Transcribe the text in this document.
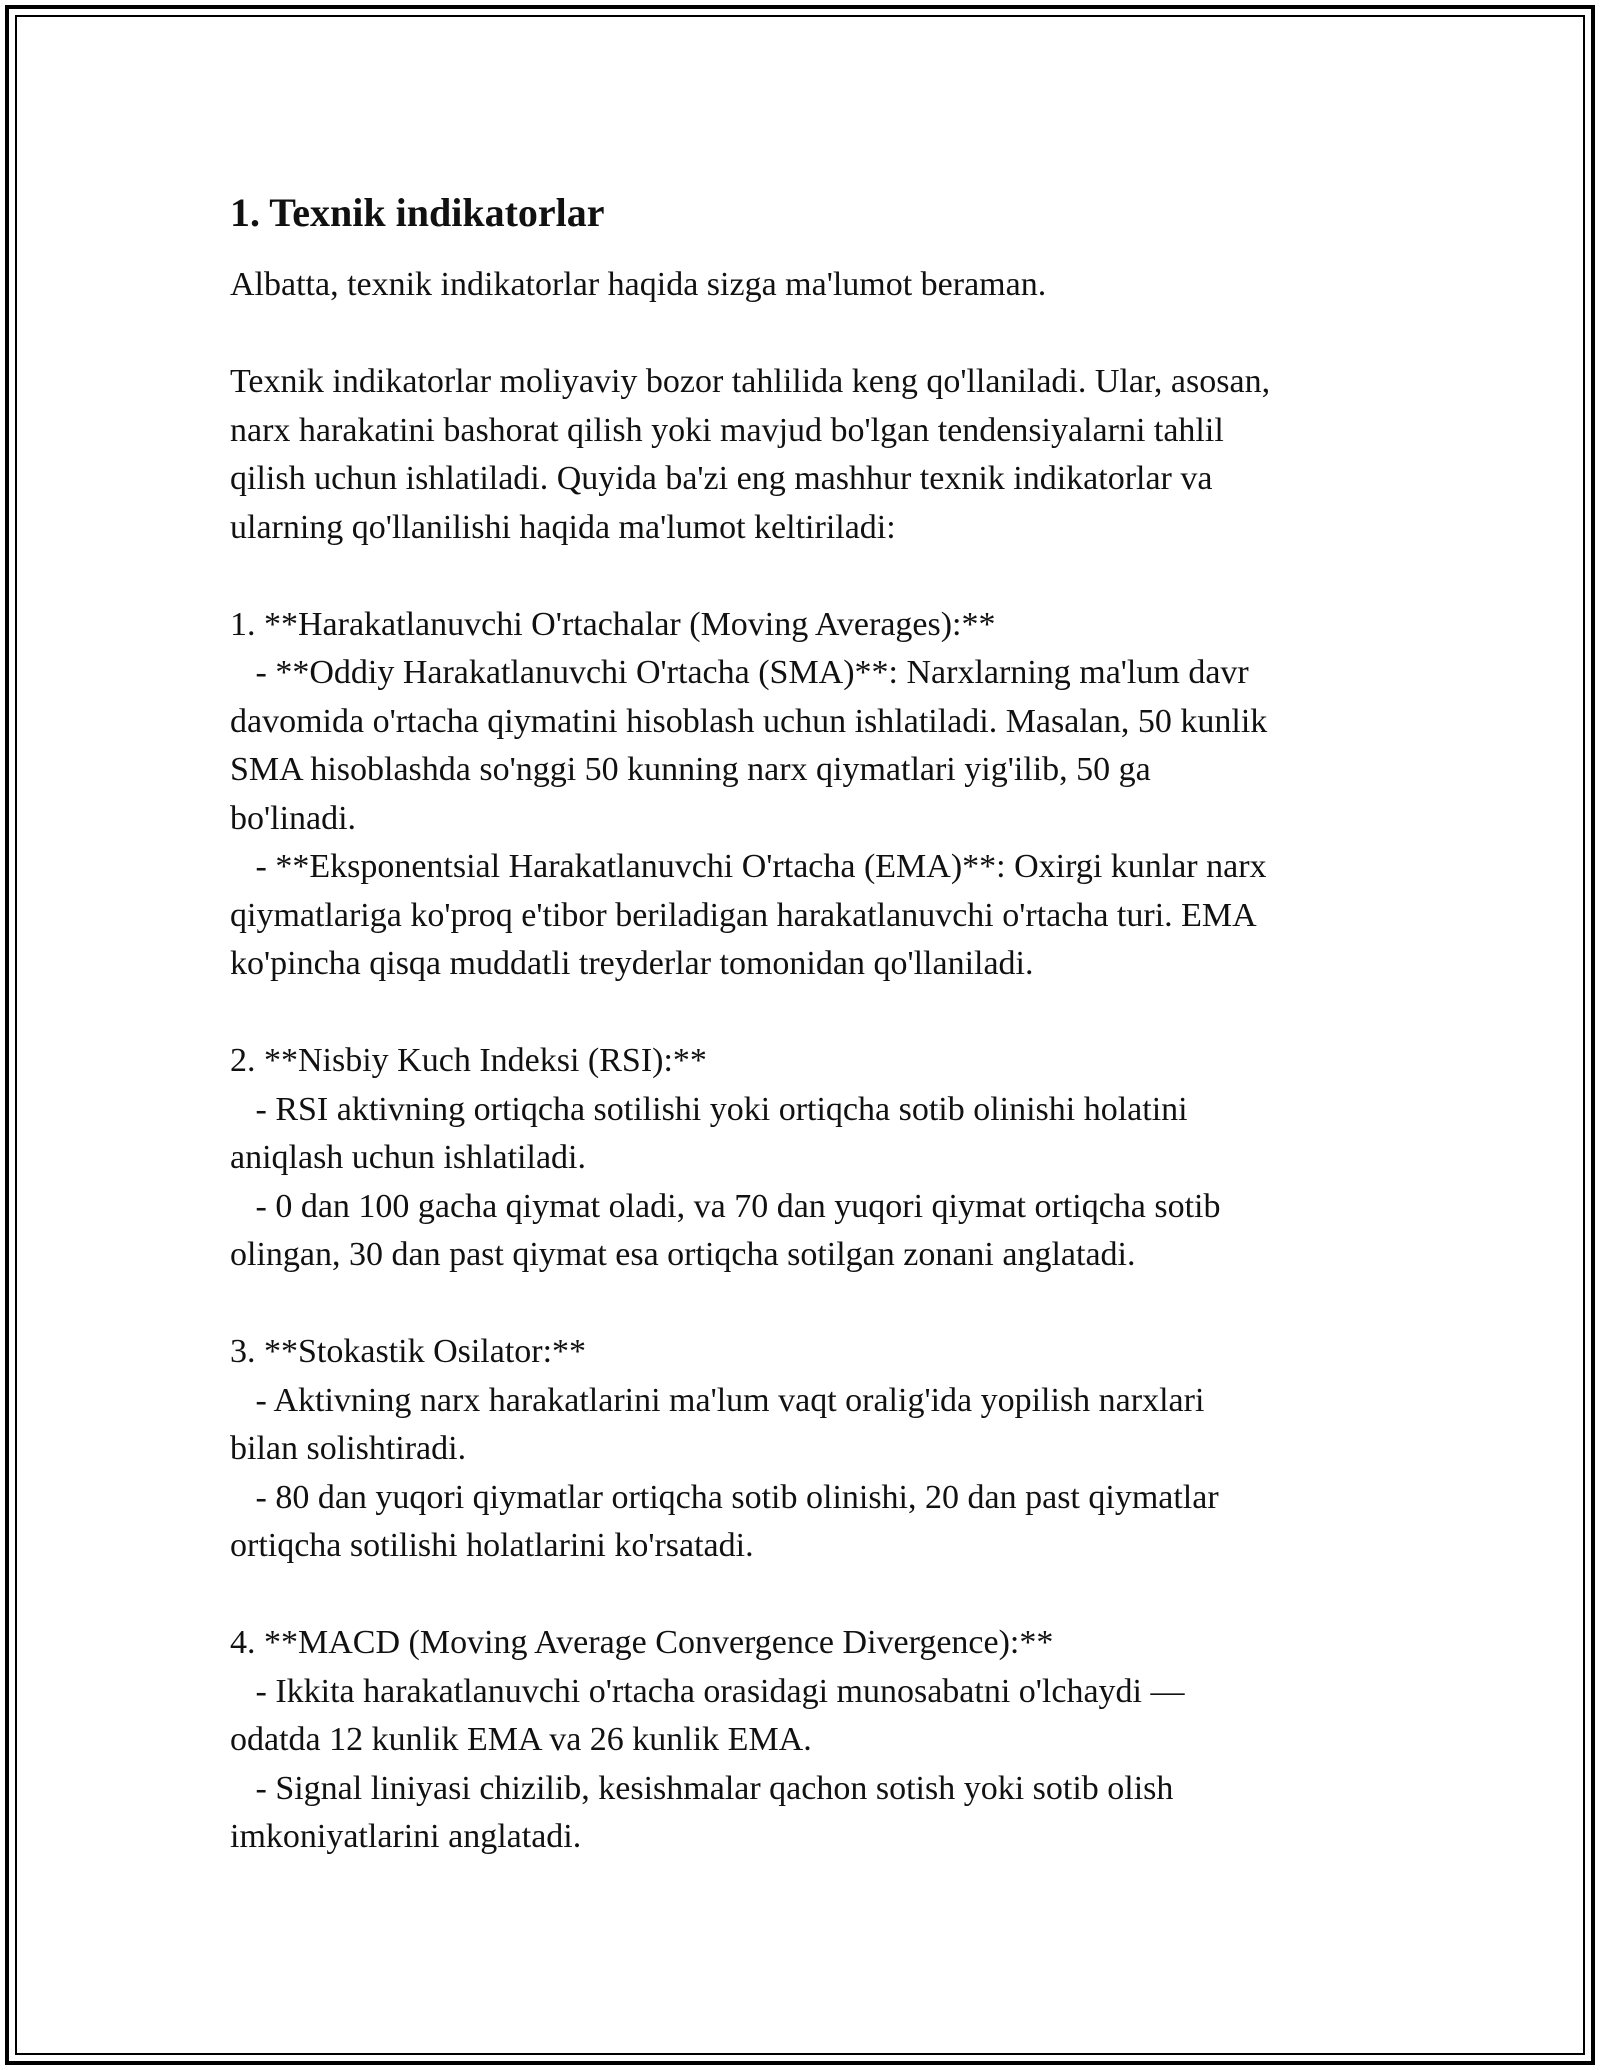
1. Texnik indikatorlar

Albatta, texnik indikatorlar haqida sizga ma'lumot beraman.

Texnik indikatorlar moliyaviy bozor tahlilida keng qo'llaniladi. Ular, asosan,
narx harakatini bashorat qilish yoki mavjud bo'lgan tendensiyalarni tahlil
qilish uchun ishlatiladi. Quyida ba'zi eng mashhur texnik indikatorlar va
ularning qo'llanilishi haqida ma'lumot keltiriladi:

1. **Harakatlanuvchi O'rtachalar (Moving Averages):**
- **Oddiy Harakatlanuvchi O'rtacha (SMA)**: Narxlarning ma'lum davr
davomida o'rtacha qiymatini hisoblash uchun ishlatiladi. Masalan, 50 kunlik
SMA hisoblashda so'nggi 50 kunning narx qiymatlari yig'ilib, 50 ga
bo'linadi.
- **Eksponentsial Harakatlanuvchi O'rtacha (EMA)**: Oxirgi kunlar narx
qiymatlariga ko'proq e'tibor beriladigan harakatlanuvchi o'rtacha turi. EMA
ko'pincha qisqa muddatli treyderlar tomonidan qo'llaniladi.

2. **Nisbiy Kuch Indeksi (RSI):**
- RSI aktivning ortiqcha sotilishi yoki ortiqcha sotib olinishi holatini
aniqlash uchun ishlatiladi.
- 0 dan 100 gacha qiymat oladi, va 70 dan yuqori qiymat ortiqcha sotib
olingan, 30 dan past qiymat esa ortiqcha sotilgan zonani anglatadi.

3. **Stokastik Osilator:**
- Aktivning narx harakatlarini ma'lum vaqt oralig'ida yopilish narxlari
bilan solishtiradi.
- 80 dan yuqori qiymatlar ortiqcha sotib olinishi, 20 dan past qiymatlar
ortiqcha sotilishi holatlarini ko'rsatadi.

4. **MACD (Moving Average Convergence Divergence):**
- Ikkita harakatlanuvchi o'rtacha orasidagi munosabatni o'lchaydi —
odatda 12 kunlik EMA va 26 kunlik EMA.
- Signal liniyasi chizilib, kesishmalar qachon sotish yoki sotib olish
imkoniyatlarini anglatadi.
